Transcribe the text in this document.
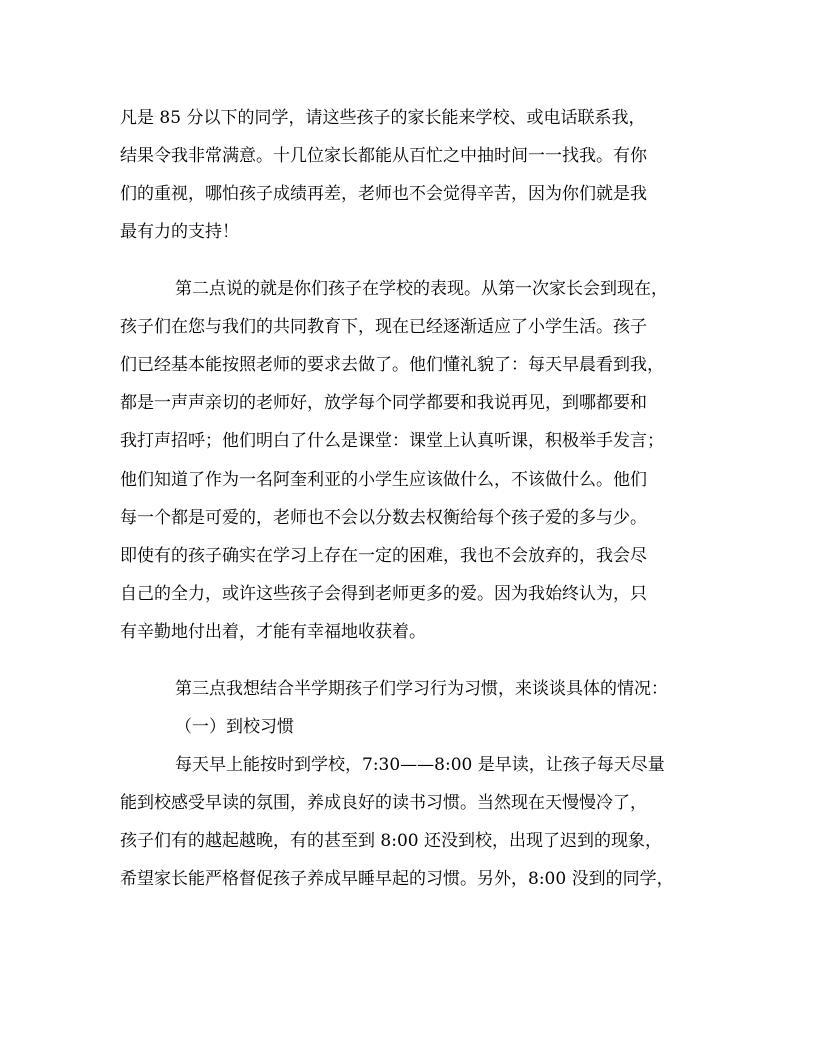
凡是 85 分以下的同学，请这些孩子的家长能来学校、或电话联系我，

结果令我非常满意。十几位家长都能从百忙之中抽时间一一找我。有你

们的重视，哪怕孩子成绩再差，老师也不会觉得辛苦，因为你们就是我

最有力的支持！

第二点说的就是你们孩子在学校的表现。从第一次家长会到现在，

孩子们在您与我们的共同教育下，现在已经逐渐适应了小学生活。孩子

们已经基本能按照老师的要求去做了。他们懂礼貌了：每天早晨看到我，

都是一声声亲切的老师好，放学每个同学都要和我说再见，到哪都要和

我打声招呼；他们明白了什么是课堂：课堂上认真听课，积极举手发言；

他们知道了作为一名阿奎利亚的小学生应该做什么，不该做什么。他们

每一个都是可爱的，老师也不会以分数去权衡给每个孩子爱的多与少。

即使有的孩子确实在学习上存在一定的困难，我也不会放弃的，我会尽

自己的全力，或许这些孩子会得到老师更多的爱。因为我始终认为，只

有辛勤地付出着，才能有幸福地收获着。

第三点我想结合半学期孩子们学习行为习惯，来谈谈具体的情况：

（一）到校习惯

每天早上能按时到学校，7:30——8:00 是早读，让孩子每天尽量

能到校感受早读的氛围，养成良好的读书习惯。当然现在天慢慢冷了，

孩子们有的越起越晚，有的甚至到 8:00 还没到校，出现了迟到的现象，

希望家长能严格督促孩子养成早睡早起的习惯。另外，8:00 没到的同学，
